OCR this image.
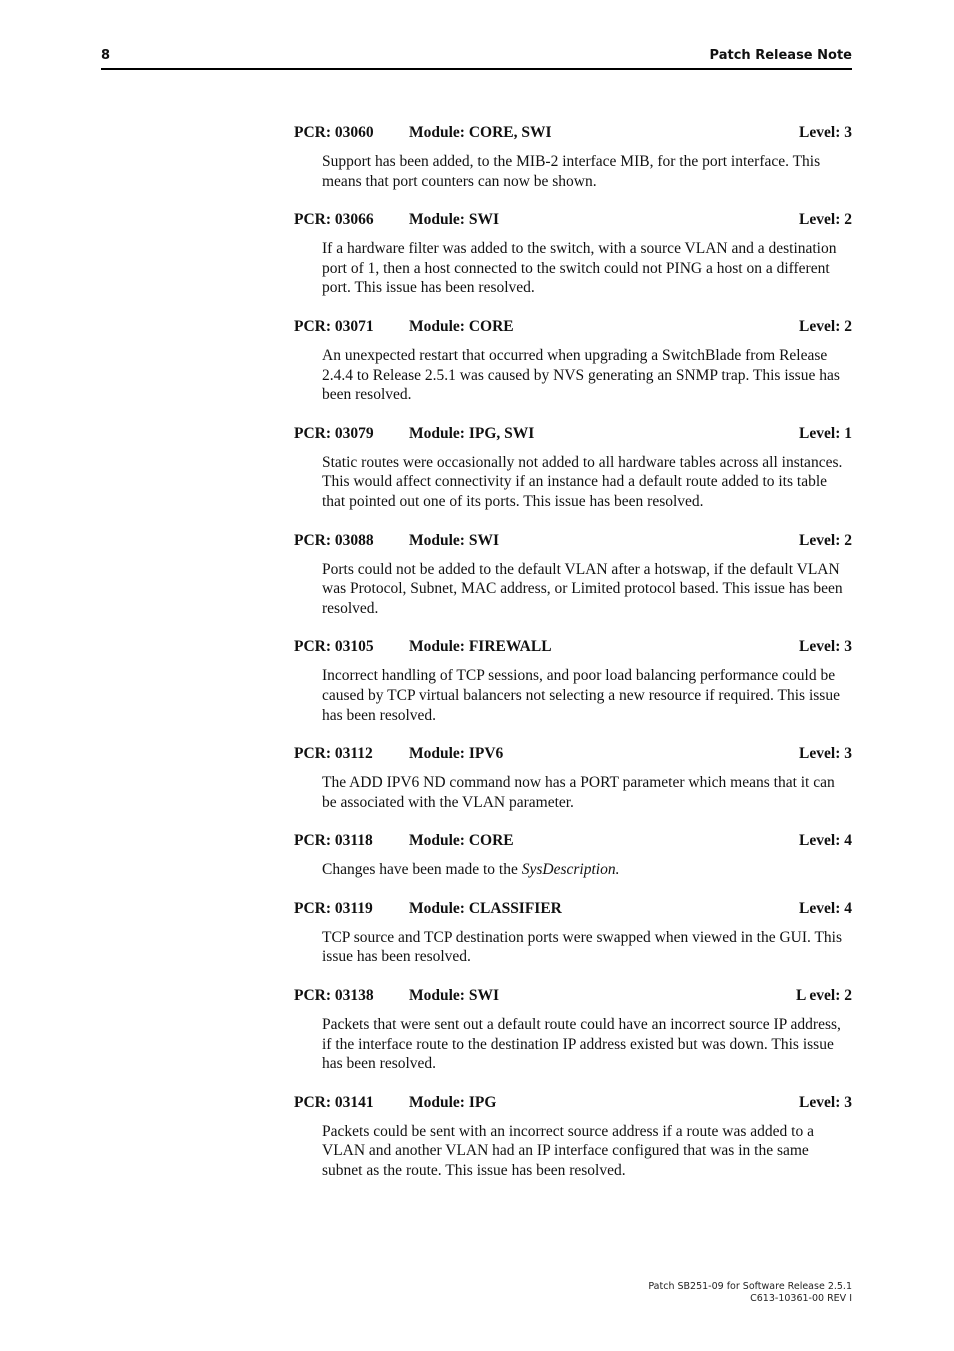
8	Patch Release Note
PCR: 03060	Module: CORE, SWI	Level: 3
Support has been added, to the MIB-2 interface MIB, for the port interface. This means that port counters can now be shown.
PCR: 03066	Module: SWI	Level: 2
If a hardware filter was added to the switch, with a source VLAN and a destination port of 1, then a host connected to the switch could not PING a host on a different port. This issue has been resolved.
PCR: 03071	Module: CORE	Level: 2
An unexpected restart that occurred when upgrading a SwitchBlade from Release 2.4.4 to Release 2.5.1 was caused by NVS generating an SNMP trap. This issue has been resolved.
PCR: 03079	Module: IPG, SWI	Level: 1
Static routes were occasionally not added to all hardware tables across all instances. This would affect connectivity if an instance had a default route added to its table that pointed out one of its ports. This issue has been resolved.
PCR: 03088	Module: SWI	Level: 2
Ports could not be added to the default VLAN after a hotswap, if the default VLAN was Protocol, Subnet, MAC address, or Limited protocol based. This issue has been resolved.
PCR: 03105	Module: FIREWALL	Level: 3
Incorrect handling of TCP sessions, and poor load balancing performance could be caused by TCP virtual balancers not selecting a new resource if required. This issue has been resolved.
PCR: 03112	Module: IPV6	Level: 3
The ADD IPV6 ND command now has a PORT parameter which means that it can be associated with the VLAN parameter.
PCR: 03118	Module: CORE	Level: 4
Changes have been made to the SysDescription.
PCR: 03119	Module: CLASSIFIER	Level: 4
TCP source and TCP destination ports were swapped when viewed in the GUI. This issue has been resolved.
PCR: 03138	Module: SWI	L evel: 2
Packets that were sent out a default route could have an incorrect source IP address, if the interface route to the destination IP address existed but was down. This issue has been resolved.
PCR: 03141	Module: IPG	Level: 3
Packets could be sent with an incorrect source address if a route was added to a VLAN and another VLAN had an IP interface configured that was in the same subnet as the route. This issue has been resolved.
Patch SB251-09 for Software Release 2.5.1
C613-10361-00 REV I
